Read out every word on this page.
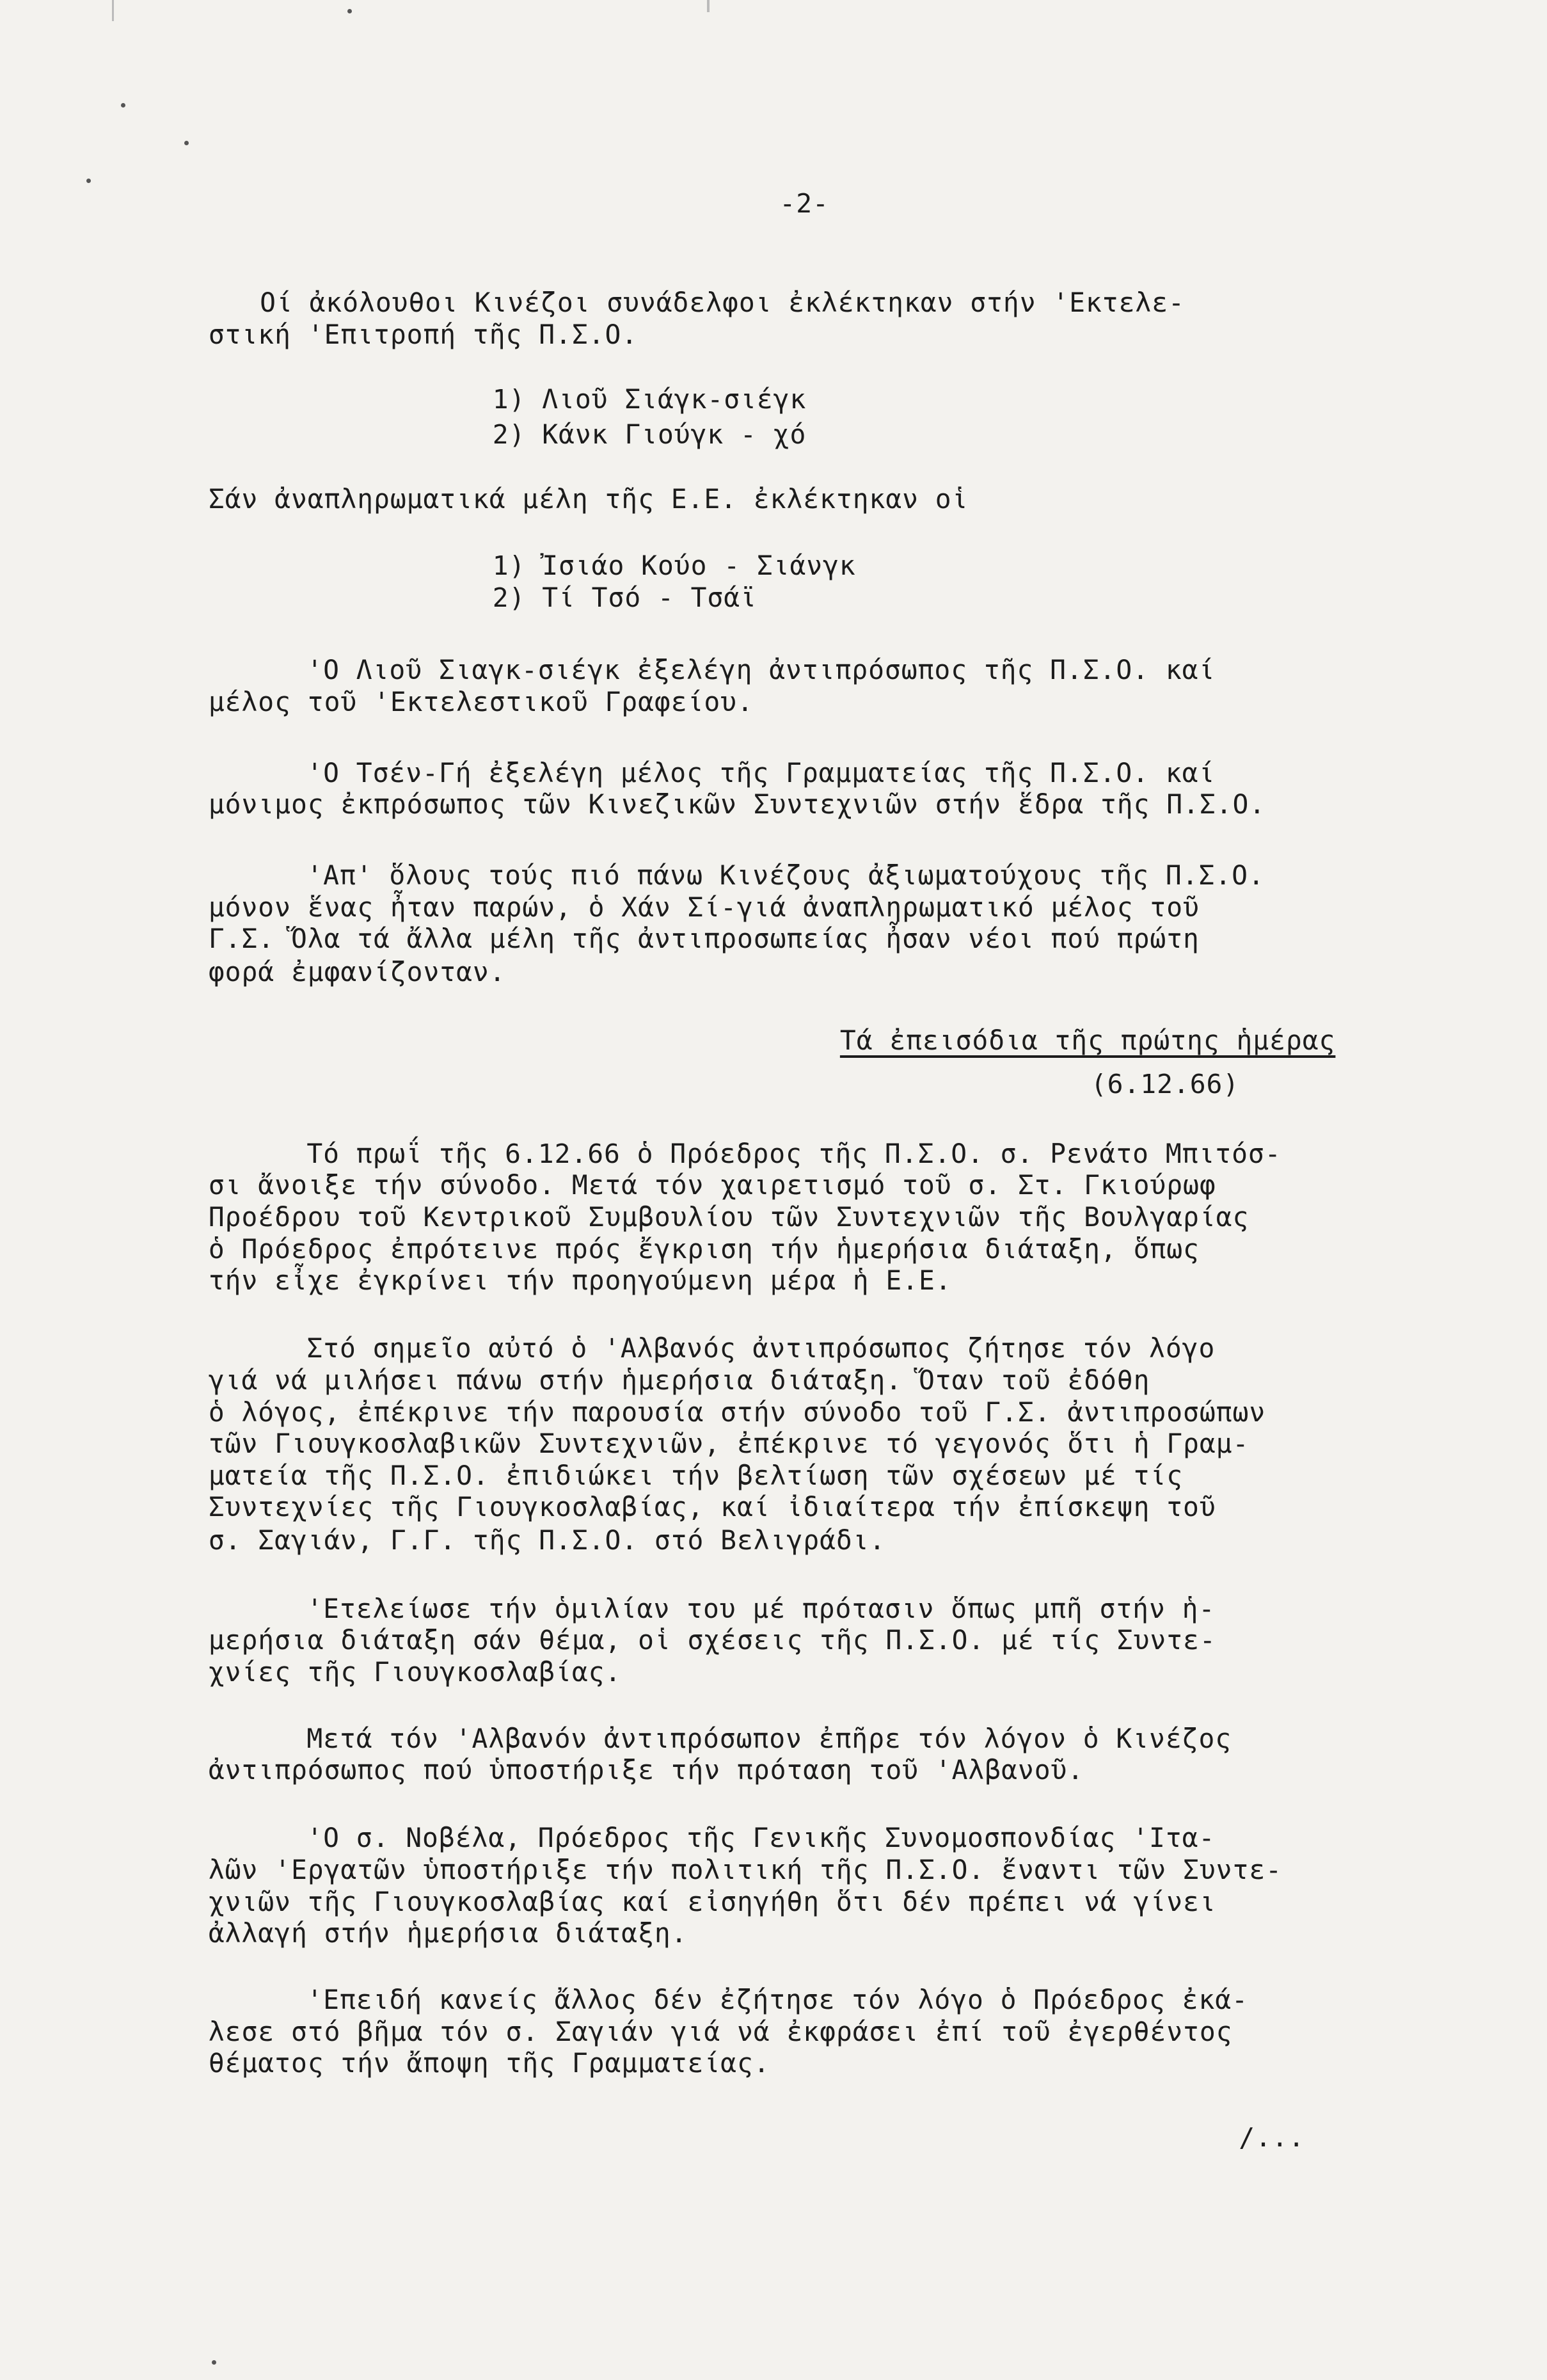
-2-
Οί ἀκόλουθοι Κινέζοι συνάδελφοι ἐκλέκτηκαν στήν 'Εκτελε-
στική 'Επιτροπή τῆς Π.Σ.Ο.
1) Λιοῦ Σιάγκ-σιέγκ
2) Κάνκ Γιούγκ - χό
Σάν ἀναπληρωματικά μέλη τῆς Ε.Ε. ἐκλέκτηκαν οἱ
1) Ἰσιάο Κούο - Σιάνγκ
2) Τί Τσό - Τσάϊ
'Ο Λιοῦ Σιαγκ-σιέγκ ἐξελέγη ἀντιπρόσωπος τῆς Π.Σ.Ο. καί
μέλος τοῦ 'Εκτελεστικοῦ Γραφείου.
'Ο Τσέν-Γή ἐξελέγη μέλος τῆς Γραμματείας τῆς Π.Σ.Ο. καί
μόνιμος ἐκπρόσωπος τῶν Κινεζικῶν Συντεχνιῶν στήν ἕδρα τῆς Π.Σ.Ο.
'Απ' ὅλους τούς πιό πάνω Κινέζους ἀξιωματούχους τῆς Π.Σ.Ο.
μόνον ἕνας ἦταν παρών, ὁ Χάν Σί-γιά ἀναπληρωματικό μέλος τοῦ
Γ.Σ. Ὅλα τά ἄλλα μέλη τῆς ἀντιπροσωπείας ἦσαν νέοι πού πρώτη
φορά ἐμφανίζονταν.
Τά ἐπεισόδια τῆς πρώτης ἡμέρας
(6.12.66)
Τό πρωΐ τῆς 6.12.66 ὁ Πρόεδρος τῆς Π.Σ.Ο. σ. Ρενάτο Μπιτόσ-
σι ἄνοιξε τήν σύνοδο. Μετά τόν χαιρετισμό τοῦ σ. Στ. Γκιούρωφ
Προέδρου τοῦ Κεντρικοῦ Συμβουλίου τῶν Συντεχνιῶν τῆς Βουλγαρίας
ὁ Πρόεδρος ἐπρότεινε πρός ἔγκριση τήν ἡμερήσια διάταξη, ὅπως
τήν εἶχε ἐγκρίνει τήν προηγούμενη μέρα ἡ Ε.Ε.
Στό σημεῖο αὐτό ὁ 'Αλβανός ἀντιπρόσωπος ζήτησε τόν λόγο
γιά νά μιλήσει πάνω στήν ἡμερήσια διάταξη. Ὅταν τοῦ ἐδόθη
ὁ λόγος, ἐπέκρινε τήν παρουσία στήν σύνοδο τοῦ Γ.Σ. ἀντιπροσώπων
τῶν Γιουγκοσλαβικῶν Συντεχνιῶν, ἐπέκρινε τό γεγονός ὅτι ἡ Γραμ-
ματεία τῆς Π.Σ.Ο. ἐπιδιώκει τήν βελτίωση τῶν σχέσεων μέ τίς
Συντεχνίες τῆς Γιουγκοσλαβίας, καί ἰδιαίτερα τήν ἐπίσκεψη τοῦ
σ. Σαγιάν, Γ.Γ. τῆς Π.Σ.Ο. στό Βελιγράδι.
'Ετελείωσε τήν ὁμιλίαν του μέ πρότασιν ὅπως μπῆ στήν ἡ-
μερήσια διάταξη σάν θέμα, οἱ σχέσεις τῆς Π.Σ.Ο. μέ τίς Συντε-
χνίες τῆς Γιουγκοσλαβίας.
Μετά τόν 'Αλβανόν ἀντιπρόσωπον ἐπῆρε τόν λόγον ὁ Κινέζος
ἀντιπρόσωπος πού ὑποστήριξε τήν πρόταση τοῦ 'Αλβανοῦ.
'Ο σ. Νοβέλα, Πρόεδρος τῆς Γενικῆς Συνομοσπονδίας 'Ιτα-
λῶν 'Εργατῶν ὑποστήριξε τήν πολιτική τῆς Π.Σ.Ο. ἔναντι τῶν Συντε-
χνιῶν τῆς Γιουγκοσλαβίας καί εἰσηγήθη ὅτι δέν πρέπει νά γίνει
ἀλλαγή στήν ἡμερήσια διάταξη.
'Επειδή κανείς ἄλλος δέν ἐζήτησε τόν λόγο ὁ Πρόεδρος ἐκά-
λεσε στό βῆμα τόν σ. Σαγιάν γιά νά ἐκφράσει ἐπί τοῦ ἐγερθέντος
θέματος τήν ἄποψη τῆς Γραμματείας.
/...
